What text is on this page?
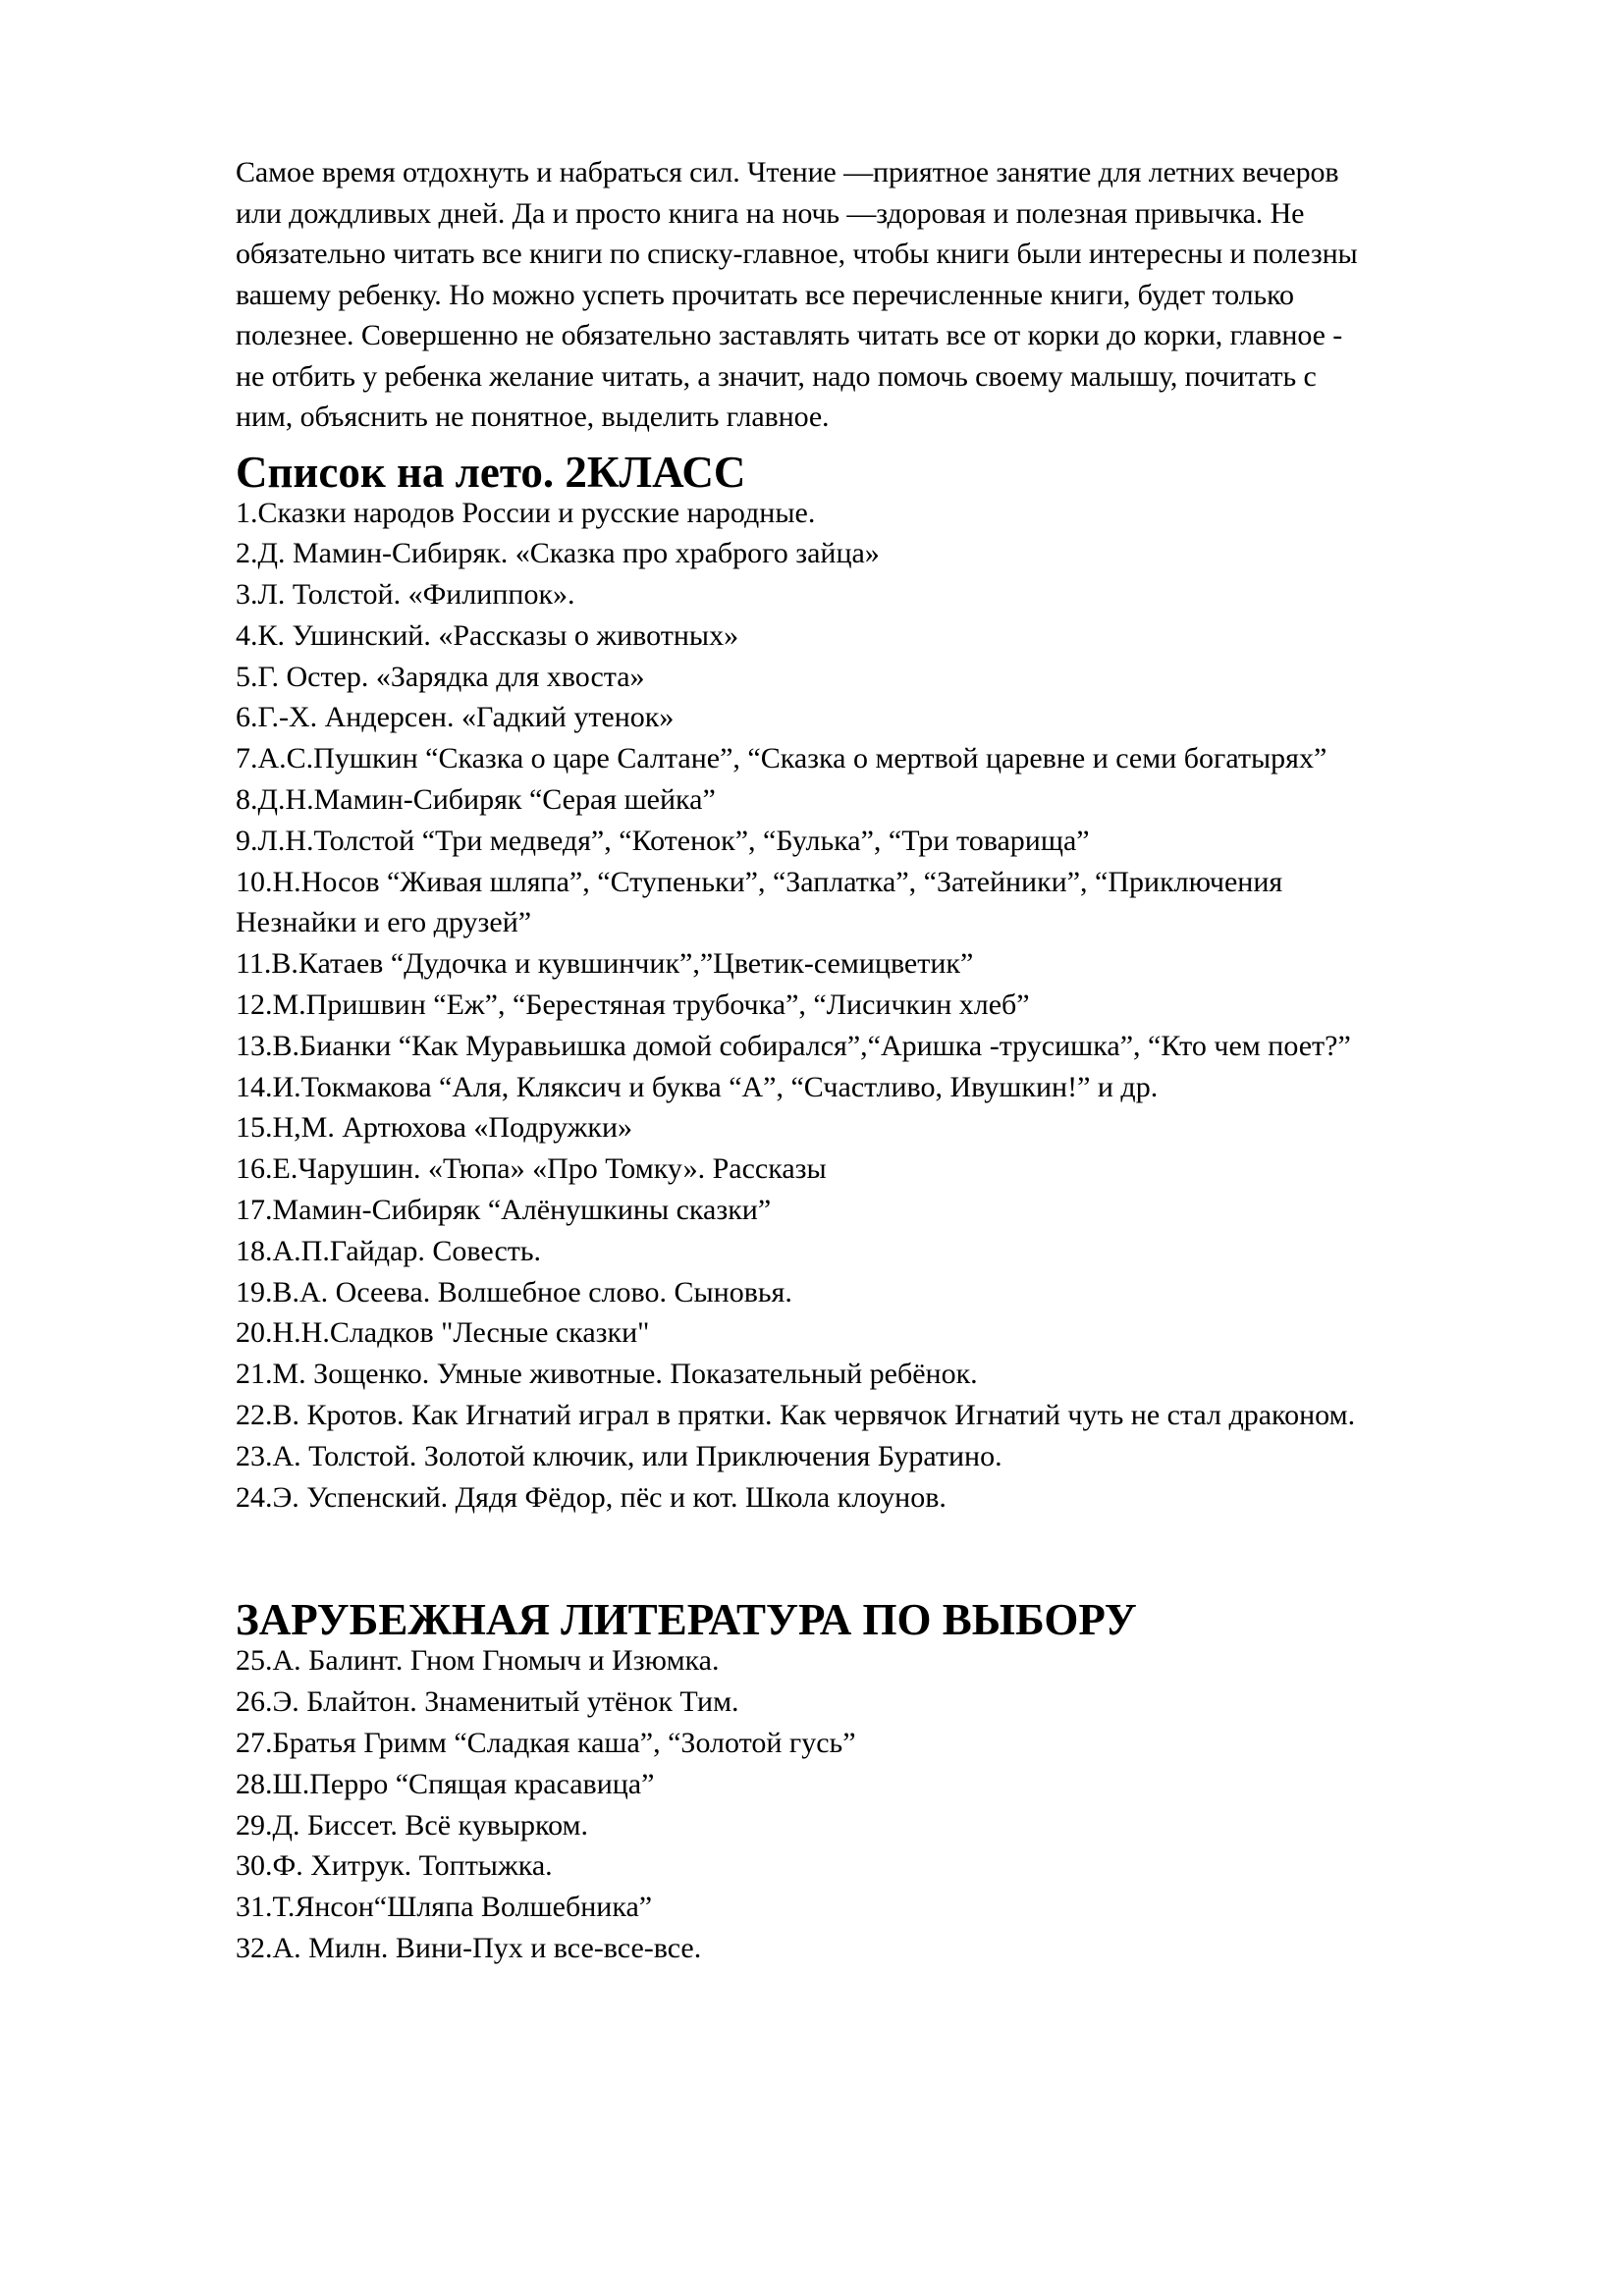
Самое время отдохнуть и набраться сил. Чтение —приятное занятие для летних вечеров
или дождливых дней. Да и просто книга на ночь —здоровая и полезная привычка. Не
обязательно читать все книги по списку-главное, чтобы книги были интересны и полезны
вашему ребенку. Но можно успеть прочитать все перечисленные книги, будет только
полезнее. Совершенно не обязательно заставлять читать все от корки до корки, главное -
не отбить у ребенка желание читать, а значит, надо помочь своему малышу, почитать с
ним, объяснить не понятное, выделить главное.

Список на лето. 2КЛАСС
1.Сказки народов России и русские народные.
2.Д. Мамин-Сибиряк. «Сказка про храброго зайца»
3.Л. Толстой. «Филиппок».
4.К. Ушинский. «Рассказы о животных»
5.Г. Остер. «Зарядка для хвоста»
6.Г.-Х. Андерсен. «Гадкий утенок»
7.А.С.Пушкин “Сказка о царе Салтане”, “Сказка о мертвой царевне и семи богатырях”
8.Д.Н.Мамин-Сибиряк “Серая шейка”
9.Л.Н.Толстой “Три медведя”, “Котенок”, “Булька”, “Три товарища”
10.Н.Носов “Живая шляпа”, “Ступеньки”, “Заплатка”, “Затейники”, “Приключения
Незнайки и его друзей”
11.В.Катаев “Дудочка и кувшинчик”,”Цветик-семицветик”
12.М.Пришвин “Еж”, “Берестяная трубочка”, “Лисичкин хлеб”
13.В.Бианки “Как Муравьишка домой собирался”,“Аришка -трусишка”, “Кто чем поет?”
14.И.Токмакова “Аля, Кляксич и буква “А”, “Счастливо, Ивушкин!” и др.
15.Н,М. Артюхова «Подружки»
16.Е.Чарушин. «Тюпа» «Про Томку». Рассказы
17.Мамин-Сибиряк “Алёнушкины сказки”
18.А.П.Гайдар. Совесть.
19.В.А. Осеева. Волшебное слово. Сыновья.
20.Н.Н.Сладков "Лесные сказки"
21.М. Зощенко. Умные животные. Показательный ребёнок.
22.В. Кротов. Как Игнатий играл в прятки. Как червячок Игнатий чуть не стал драконом.
23.А. Толстой. Золотой ключик, или Приключения Буратино.
24.Э. Успенский. Дядя Фёдор, пёс и кот. Школа клоунов.
ЗАРУБЕЖНАЯ ЛИТЕРАТУРА ПО ВЫБОРУ
25.А. Балинт. Гном Гномыч и Изюмка.
26.Э. Блайтон. Знаменитый утёнок Тим.
27.Братья Гримм “Сладкая каша”, “Золотой гусь”
28.Ш.Перро “Спящая красавица”
29.Д. Биссет. Всё кувырком.
30.Ф. Хитрук. Топтыжка.
31.Т.Янсон“Шляпа Волшебника”
32.А. Милн. Вини-Пух и все-все-все.
